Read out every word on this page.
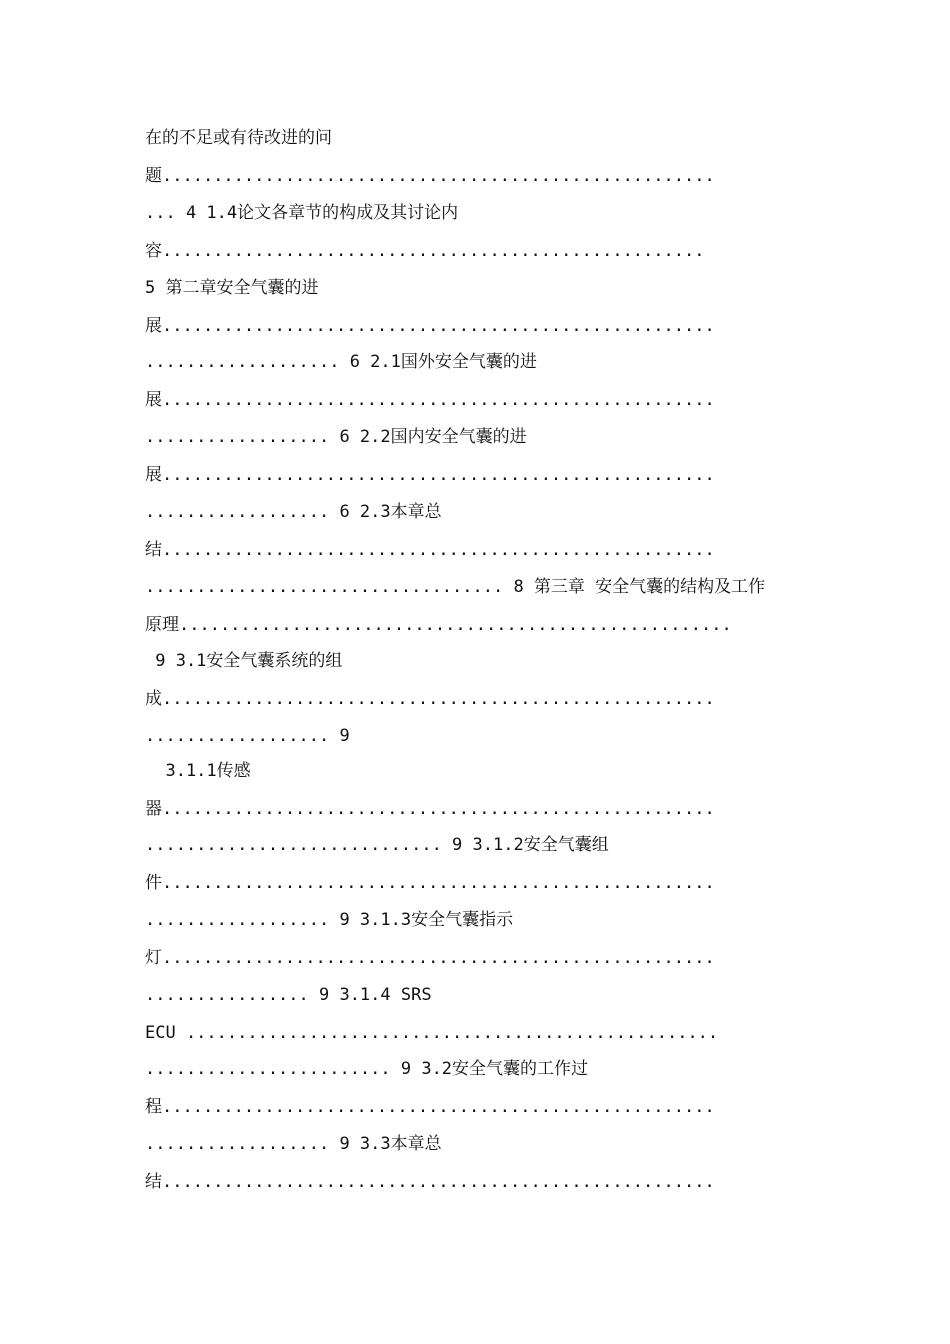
在的不足或有待改进的问
题......................................................
... 4 1.4论文各章节的构成及其讨论内
容.....................................................
5 第二章安全气囊的进
展......................................................
................... 6 2.1国外安全气囊的进
展......................................................
.................. 6 2.2国内安全气囊的进
展......................................................
.................. 6 2.3本章总
结......................................................
................................... 8 第三章 安全气囊的结构及工作
原理......................................................
9 3.1安全气囊系统的组
成......................................................
.................. 9
3.1.1传感
器......................................................
............................. 9 3.1.2安全气囊组
件......................................................
.................. 9 3.1.3安全气囊指示
灯......................................................
................ 9 3.1.4 SRS
ECU ....................................................
........................ 9 3.2安全气囊的工作过
程......................................................
.................. 9 3.3本章总
结......................................................
